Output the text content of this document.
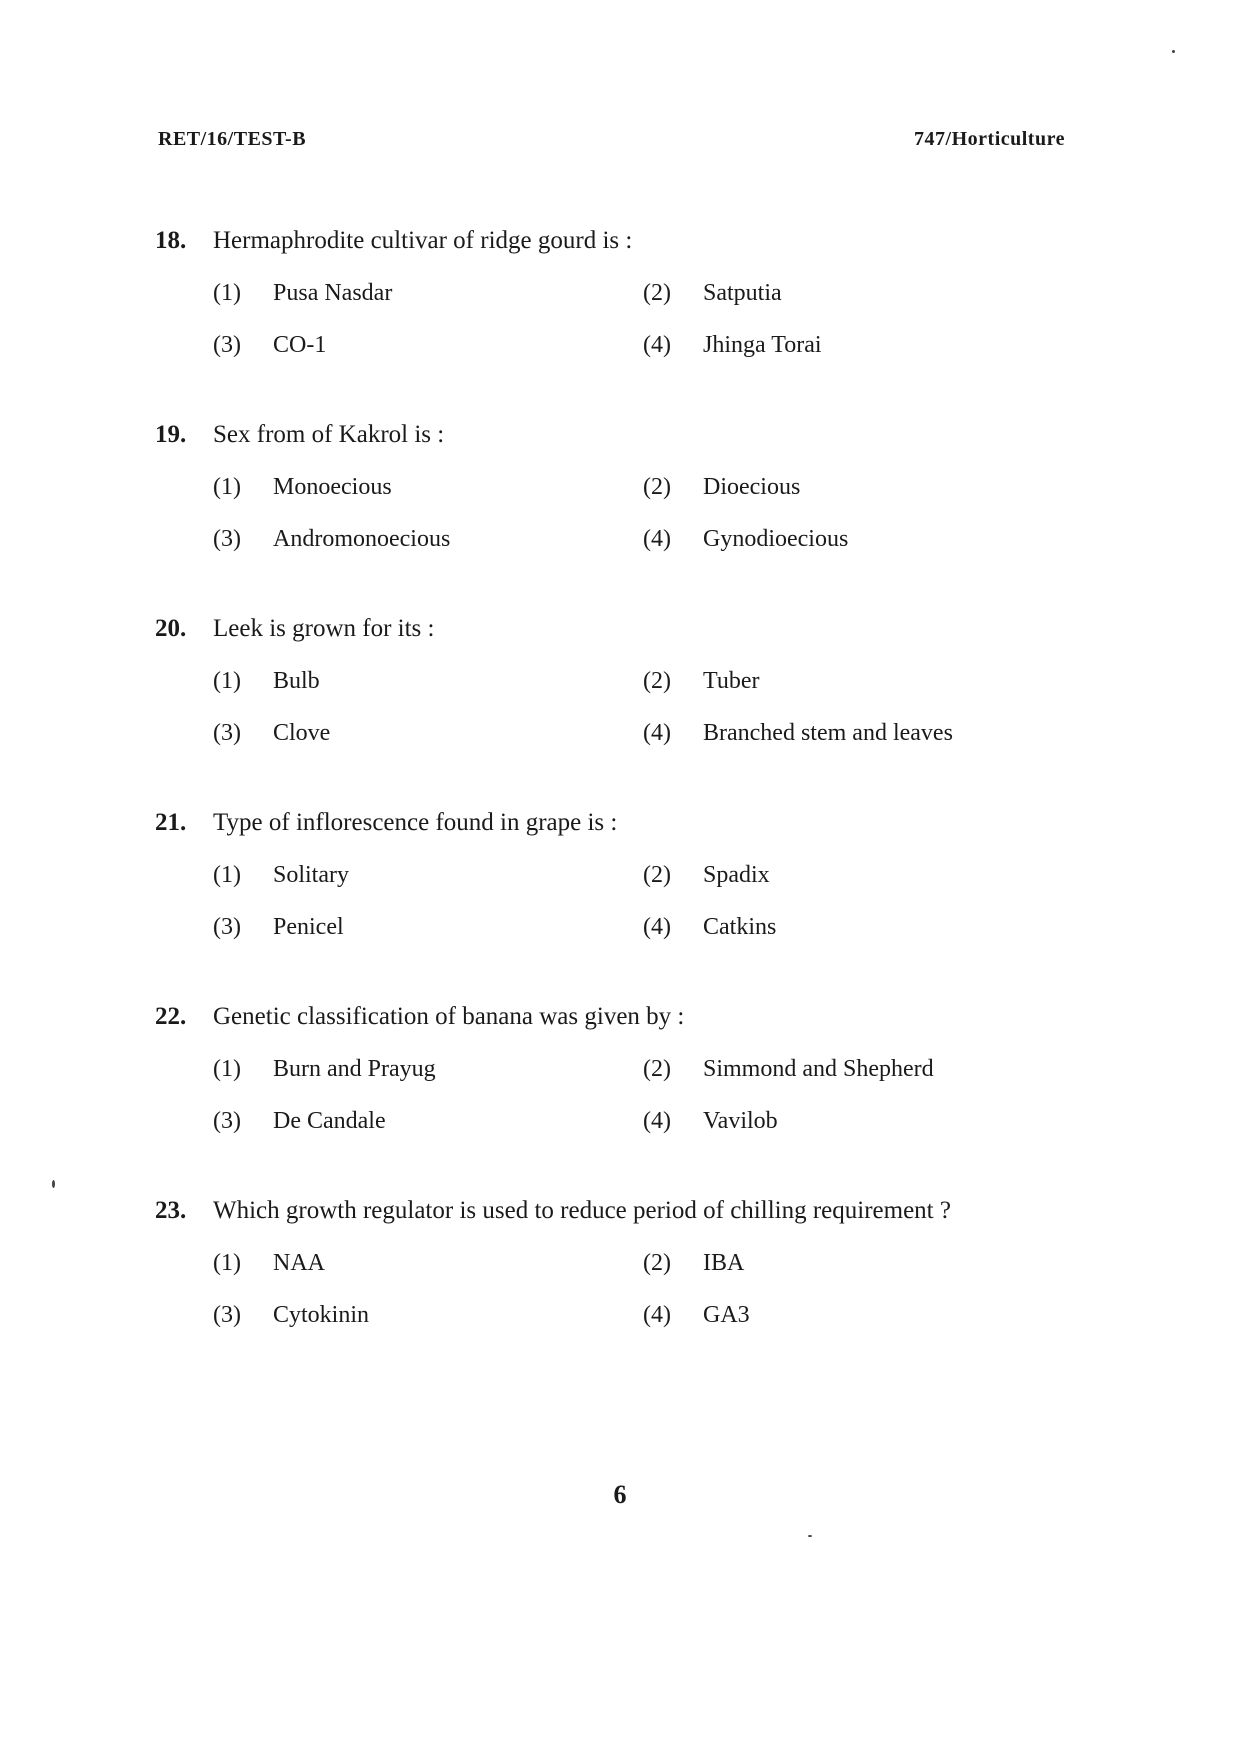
RET/16/TEST-B	747/Horticulture
18.	Hermaphrodite cultivar of ridge gourd is :
(1)	Pusa Nasdar	(2)	Satputia
(3)	CO-1	(4)	Jhinga Torai
19.	Sex from of Kakrol is :
(1)	Monoecious	(2)	Dioecious
(3)	Andromonoecious	(4)	Gynodioecious
20.	Leek is grown for its :
(1)	Bulb	(2)	Tuber
(3)	Clove	(4)	Branched stem and leaves
21.	Type of inflorescence found in grape is :
(1)	Solitary	(2)	Spadix
(3)	Penicel	(4)	Catkins
22.	Genetic classification of banana was given by :
(1)	Burn and Prayug	(2)	Simmond and Shepherd
(3)	De Candale	(4)	Vavilob
23.	Which growth regulator is used to reduce period of chilling requirement ?
(1)	NAA	(2)	IBA
(3)	Cytokinin	(4)	GA3
6
